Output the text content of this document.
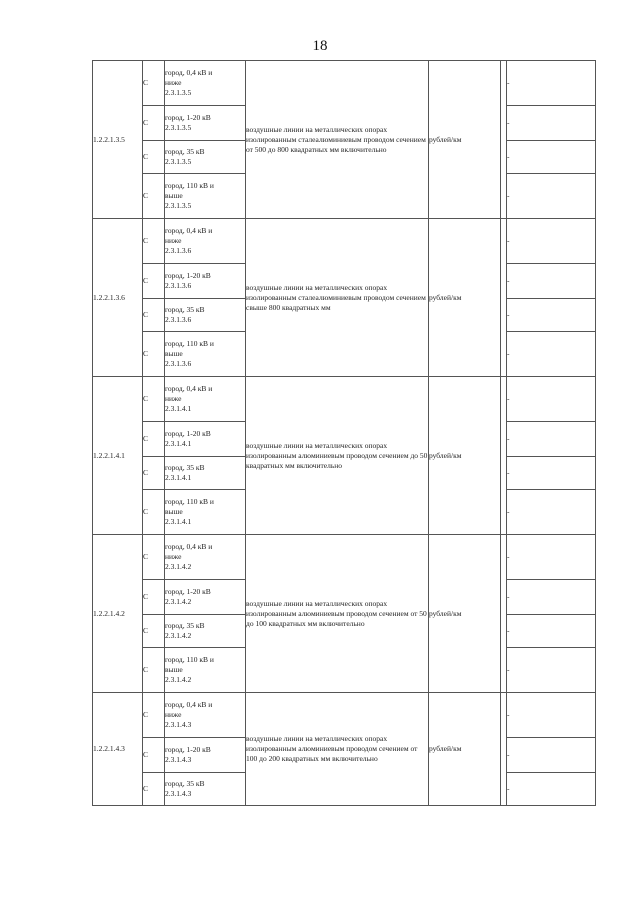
18
1.2.2.1.3.5	С	город, 0,4 кВ и
ниже
2.3.1.3.5	воздушные линии на металлических опорах изолированным сталеалюминиевым проводом сечением от 500 до 800 квадратных мм включительно	рублей/км		-
	С	город, 1-20 кВ
2.3.1.3.5				-
	С	город, 35 кВ
2.3.1.3.5				-
	С	город, 110 кВ и
выше
2.3.1.3.5				-
1.2.2.1.3.6	С	город, 0,4 кВ и
ниже
2.3.1.3.6	воздушные линии на металлических опорах изолированным сталеалюминиевым проводом сечением свыше 800 квадратных мм	рублей/км		-
	С	город, 1-20 кВ
2.3.1.3.6				-
	С	город, 35 кВ
2.3.1.3.6				-
	С	город, 110 кВ и
выше
2.3.1.3.6				-
1.2.2.1.4.1	С	город, 0,4 кВ и
ниже
2.3.1.4.1	воздушные линии на металлических опорах изолированным алюминиевым проводом сечением до 50 квадратных мм включительно	рублей/км		-
	С	город, 1-20 кВ
2.3.1.4.1				-
	С	город, 35 кВ
2.3.1.4.1				-
	С	город, 110 кВ и
выше
2.3.1.4.1				-
1.2.2.1.4.2	С	город, 0,4 кВ и
ниже
2.3.1.4.2	воздушные линии на металлических опорах изолированным алюминиевым проводом сечением от 50 до 100 квадратных мм включительно	рублей/км		-
	С	город, 1-20 кВ
2.3.1.4.2				-
	С	город, 35 кВ
2.3.1.4.2				-
	С	город, 110 кВ и
выше
2.3.1.4.2				-
1.2.2.1.4.3	С	город, 0,4 кВ и
ниже
2.3.1.4.3	воздушные линии на металлических опорах изолированным алюминиевым проводом сечением от 100 до 200 квадратных мм включительно	рублей/км		-
	С	город, 1-20 кВ
2.3.1.4.3				-
	С	город, 35 кВ
2.3.1.4.3				-
